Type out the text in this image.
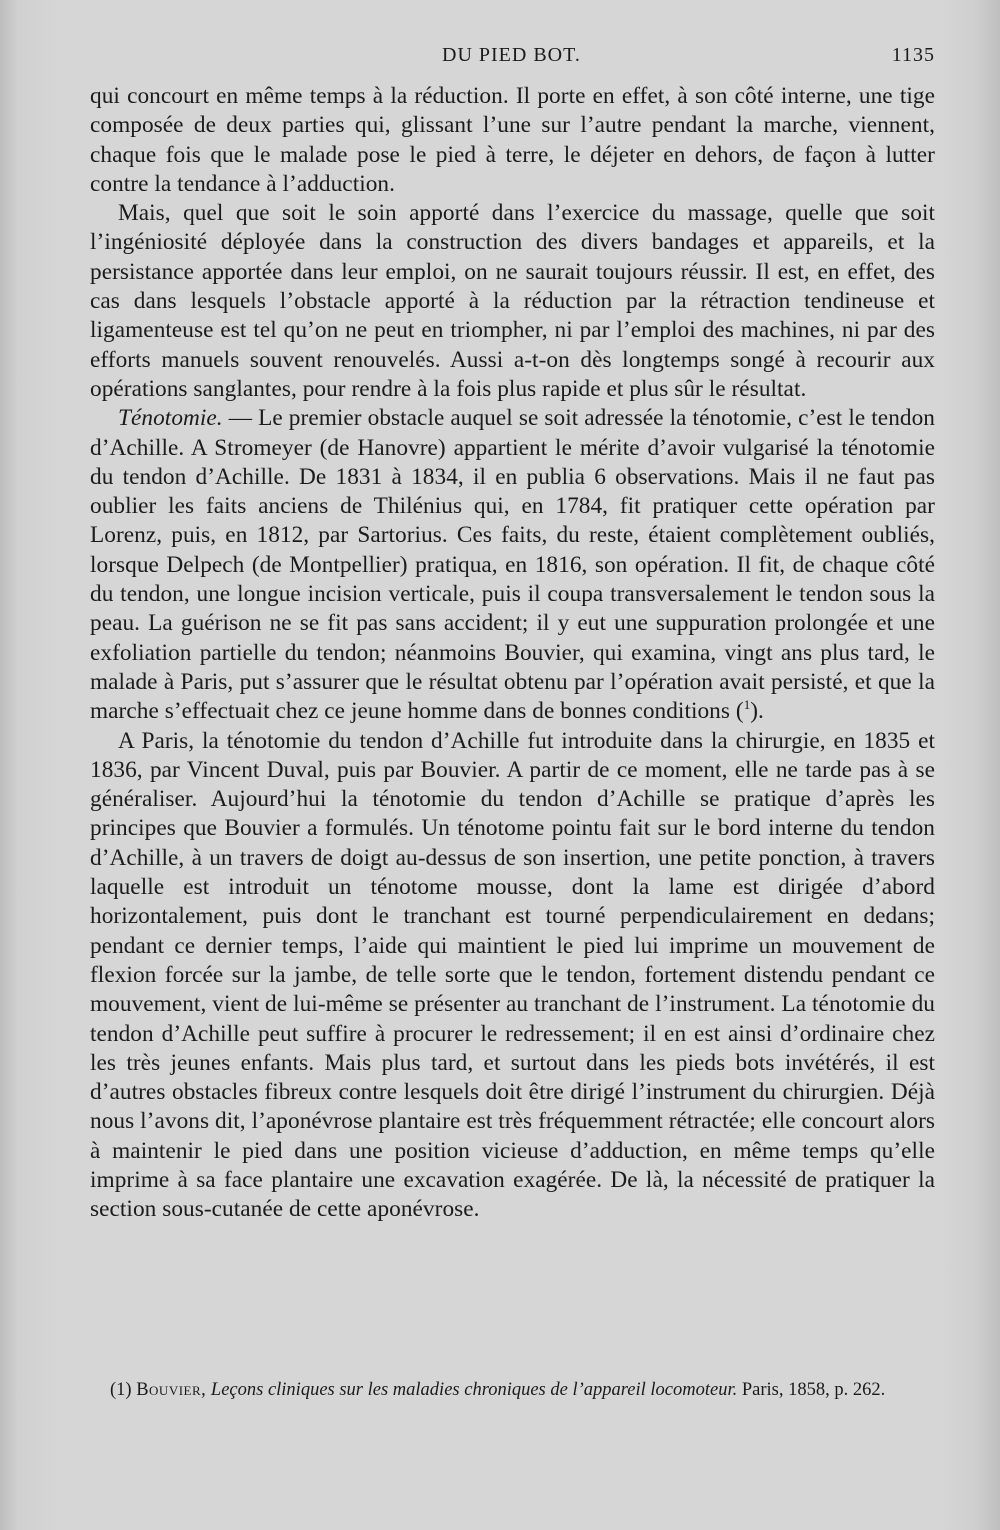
DU PIED BOT.	1135

qui concourt en même temps à la réduction. Il porte en effet, à son côté interne, une tige composée de deux parties qui, glissant l’une sur l’autre pendant la marche, viennent, chaque fois que le malade pose le pied à terre, le déjeter en dehors, de façon à lutter contre la tendance à l’adduction.

Mais, quel que soit le soin apporté dans l’exercice du massage, quelle que soit l’ingéniosité déployée dans la construction des divers bandages et appareils, et la persistance apportée dans leur emploi, on ne saurait toujours réussir. Il est, en effet, des cas dans lesquels l’obstacle apporté à la réduction par la rétraction tendineuse et ligamenteuse est tel qu’on ne peut en triompher, ni par l’emploi des machines, ni par des efforts manuels souvent renouvelés. Aussi a-t-on dès longtemps songé à recourir aux opérations sanglantes, pour rendre à la fois plus rapide et plus sûr le résultat.

Ténotomie. — Le premier obstacle auquel se soit adressée la ténotomie, c’est le tendon d’Achille. A Stromeyer (de Hanovre) appartient le mérite d’avoir vulgarisé la ténotomie du tendon d’Achille. De 1831 à 1834, il en publia 6 observations. Mais il ne faut pas oublier les faits anciens de Thilénius qui, en 1784, fit pratiquer cette opération par Lorenz, puis, en 1812, par Sartorius. Ces faits, du reste, étaient complètement oubliés, lorsque Delpech (de Montpellier) pratiqua, en 1816, son opération. Il fit, de chaque côté du tendon, une longue incision verticale, puis il coupa transversalement le tendon sous la peau. La guérison ne se fit pas sans accident; il y eut une suppuration prolongée et une exfoliation partielle du tendon; néanmoins Bouvier, qui examina, vingt ans plus tard, le malade à Paris, put s’assurer que le résultat obtenu par l’opération avait persisté, et que la marche s’effectuait chez ce jeune homme dans de bonnes conditions ($^1$).

A Paris, la ténotomie du tendon d’Achille fut introduite dans la chirurgie, en 1835 et 1836, par Vincent Duval, puis par Bouvier. A partir de ce moment, elle ne tarde pas à se généraliser. Aujourd’hui la ténotomie du tendon d’Achille se pratique d’après les principes que Bouvier a formulés. Un ténotome pointu fait sur le bord interne du tendon d’Achille, à un travers de doigt au-dessus de son insertion, une petite ponction, à travers laquelle est introduit un ténotome mousse, dont la lame est dirigée d’abord horizontalement, puis dont le tranchant est tourné perpendiculairement en dedans; pendant ce dernier temps, l’aide qui maintient le pied lui imprime un mouvement de flexion forcée sur la jambe, de telle sorte que le tendon, fortement distendu pendant ce mouvement, vient de lui-même se présenter au tranchant de l’instrument. La ténotomie du tendon d’Achille peut suffire à procurer le redressement; il en est ainsi d’ordinaire chez les très jeunes enfants. Mais plus tard, et surtout dans les pieds bots invétérés, il est d’autres obstacles fibreux contre lesquels doit être dirigé l’instrument du chirurgien. Déjà nous l’avons dit, l’aponévrose plantaire est très fréquemment rétractée; elle concourt alors à maintenir le pied dans une position vicieuse d’adduction, en même temps qu’elle imprime à sa face plantaire une excavation exagérée. De là, la nécessité de pratiquer la section sous-cutanée de cette aponévrose.

(1) Bouvier, Leçons cliniques sur les maladies chroniques de l’appareil locomoteur. Paris, 1858, p. 262.
